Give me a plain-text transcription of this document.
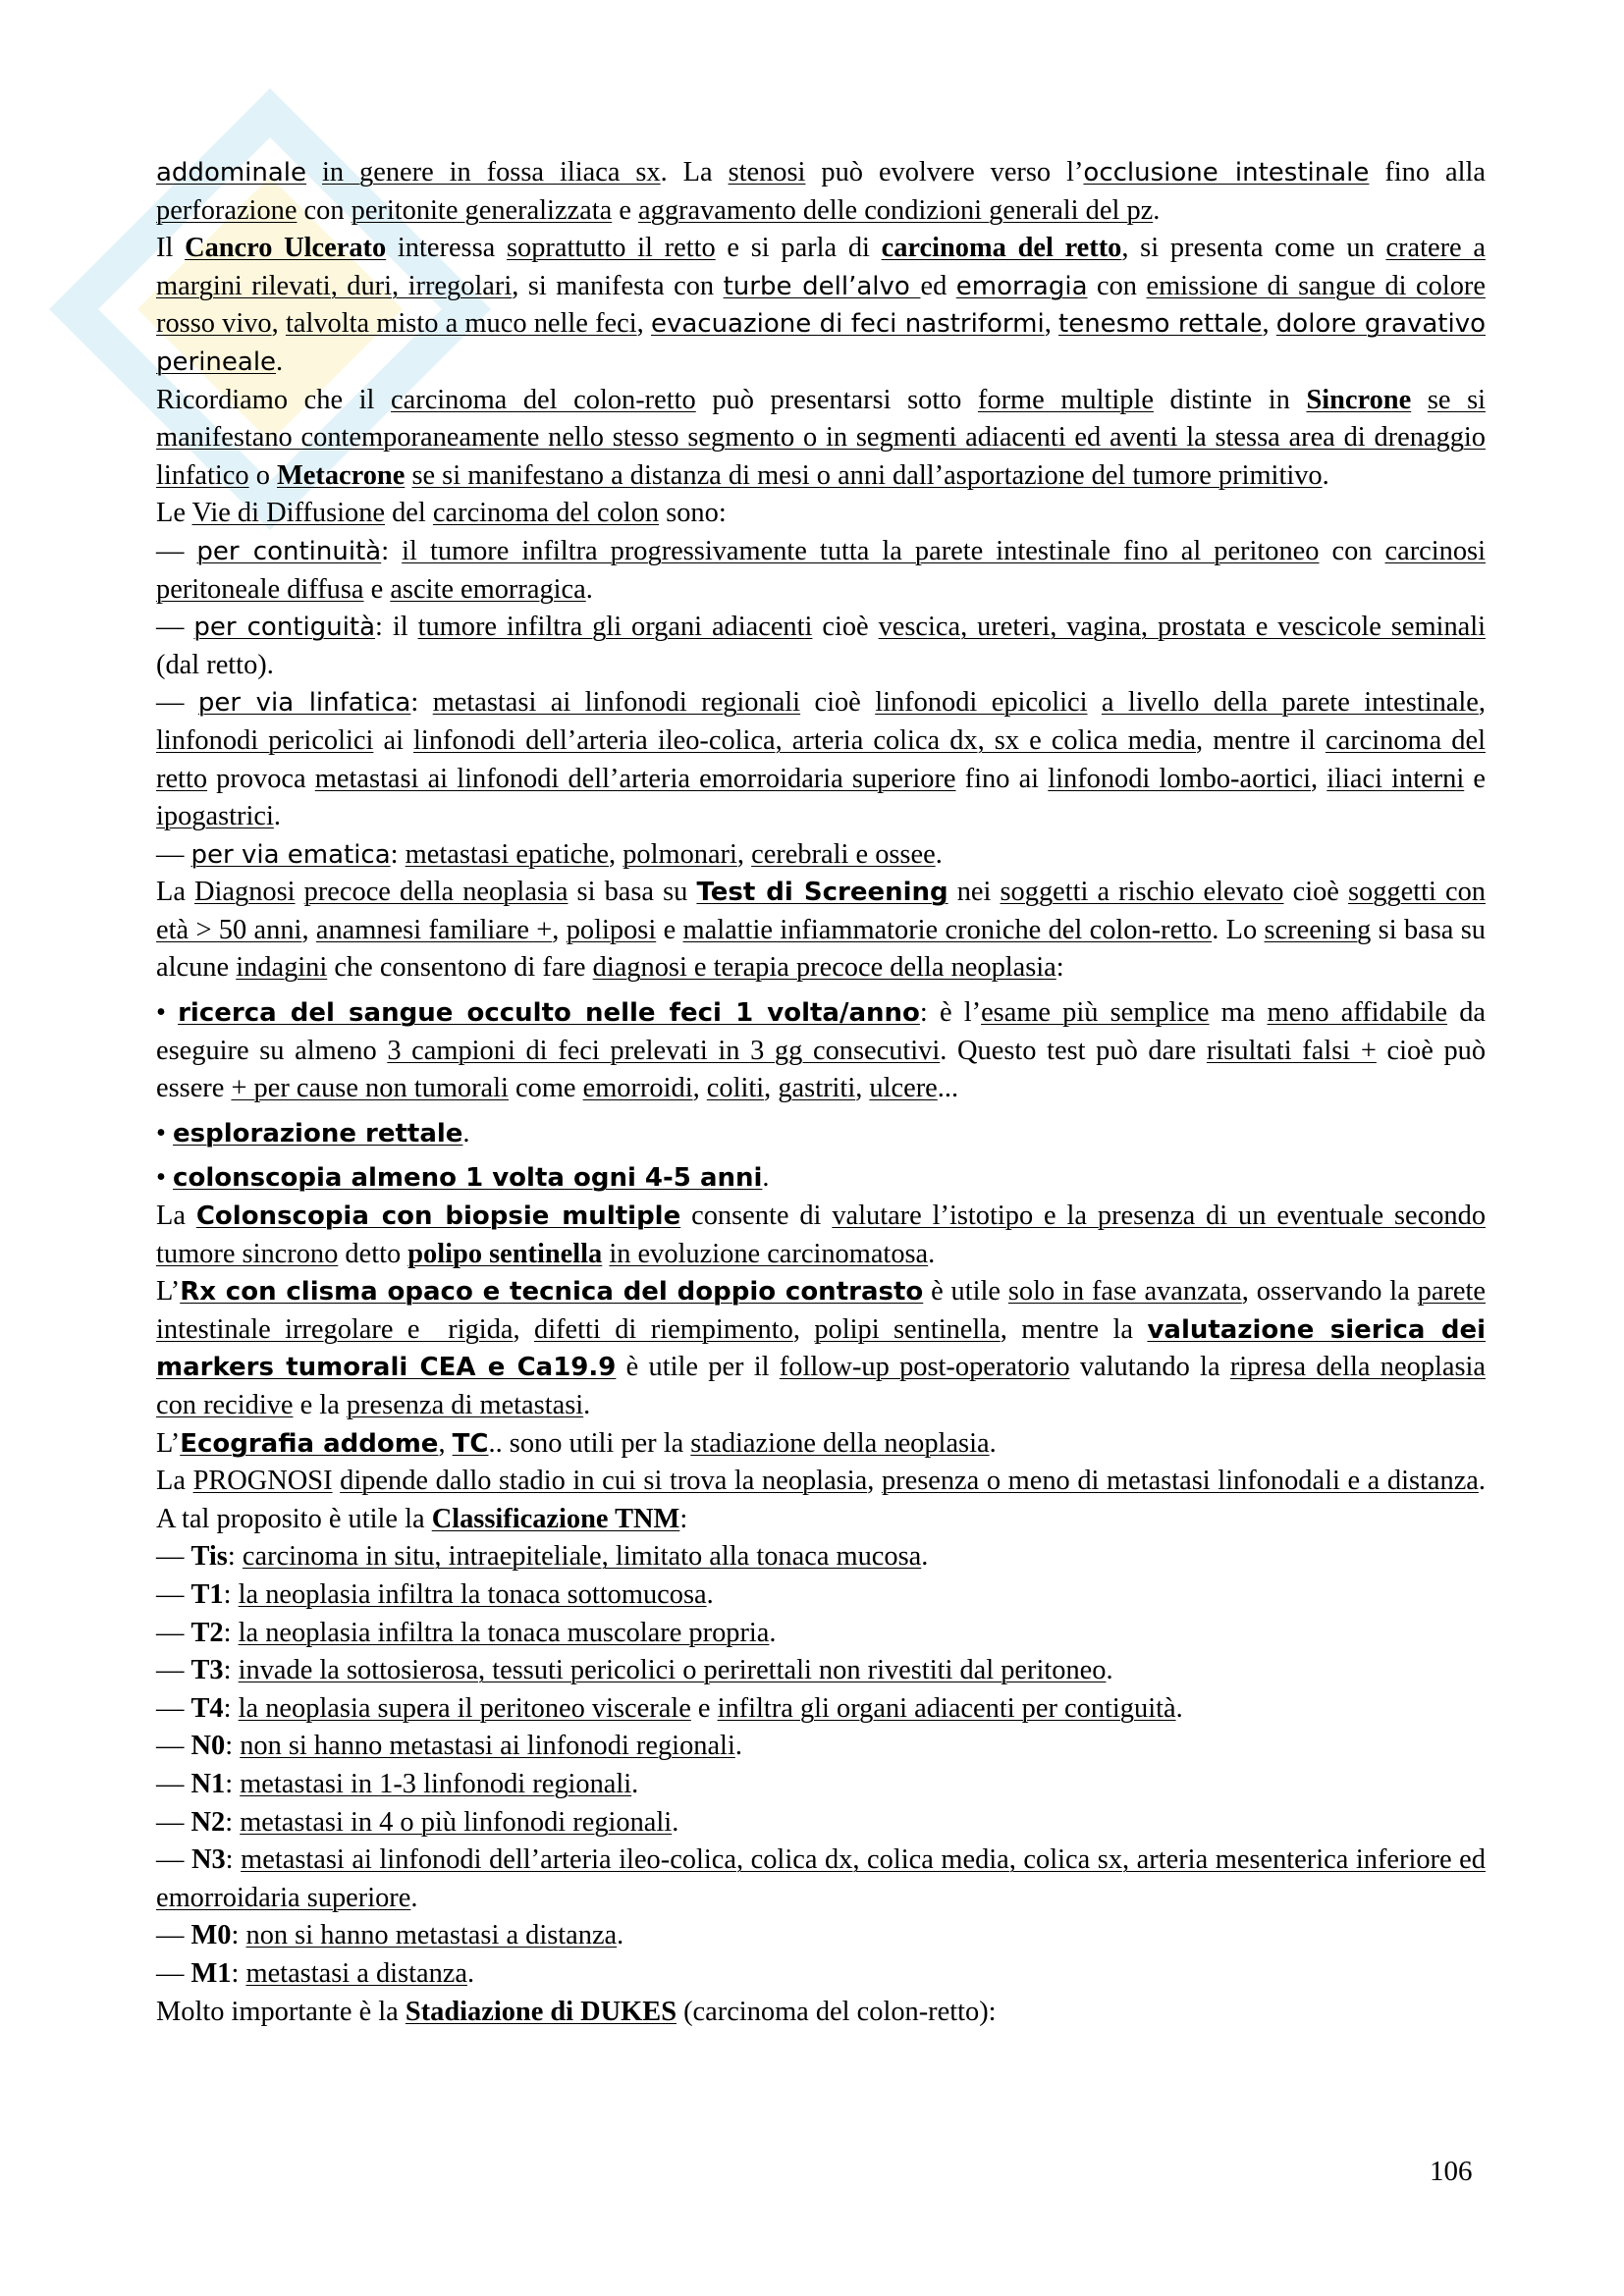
addominale in genere in fossa iliaca sx. La stenosi può evolvere verso l’occlusione intestinale fino alla perforazione con peritonite generalizzata e aggravamento delle condizioni generali del pz.

Il Cancro Ulcerato interessa soprattutto il retto e si parla di carcinoma del retto, si presenta come un cratere a margini rilevati, duri, irregolari, si manifesta con turbe dell’alvo ed emorragia con emissione di sangue di colore rosso vivo, talvolta misto a muco nelle feci, evacuazione di feci nastriformi, tenesmo rettale, dolore gravativo perineale.

Ricordiamo che il carcinoma del colon-retto può presentarsi sotto forme multiple distinte in Sincrone se si manifestano contemporaneamente nello stesso segmento o in segmenti adiacenti ed aventi la stessa area di drenaggio linfatico o Metacrone se si manifestano a distanza di mesi o anni dall’asportazione del tumore primitivo.

Le Vie di Diffusione del carcinoma del colon sono:

— per continuità: il tumore infiltra progressivamente tutta la parete intestinale fino al peritoneo con carcinosi peritoneale diffusa e ascite emorragica.

— per contiguità: il tumore infiltra gli organi adiacenti cioè vescica, ureteri, vagina, prostata e vescicole seminali (dal retto).

— per via linfatica: metastasi ai linfonodi regionali cioè linfonodi epicolici a livello della parete intestinale, linfonodi pericolici ai linfonodi dell’arteria ileo-colica, arteria colica dx, sx e colica media, mentre il carcinoma del retto provoca metastasi ai linfonodi dell’arteria emorroidaria superiore fino ai linfonodi lombo-aortici, iliaci interni e ipogastrici.

— per via ematica: metastasi epatiche, polmonari, cerebrali e ossee.

La Diagnosi precoce della neoplasia si basa su Test di Screening nei soggetti a rischio elevato cioè soggetti con età > 50 anni, anamnesi familiare +, poliposi e malattie infiammatorie croniche del colon-retto. Lo screening si basa su alcune indagini che consentono di fare diagnosi e terapia precoce della neoplasia:

• ricerca del sangue occulto nelle feci 1 volta/anno: è l’esame più semplice ma meno affidabile da eseguire su almeno 3 campioni di feci prelevati in 3 gg consecutivi. Questo test può dare risultati falsi + cioè può essere + per cause non tumorali come emorroidi, coliti, gastriti, ulcere...

• esplorazione rettale.

• colonscopia almeno 1 volta ogni 4-5 anni.

La Colonscopia con biopsie multiple consente di valutare l’istotipo e la presenza di un eventuale secondo tumore sincrono detto polipo sentinella in evoluzione carcinomatosa.

L’Rx con clisma opaco e tecnica del doppio contrasto è utile solo in fase avanzata, osservando la parete intestinale irregolare e  rigida, difetti di riempimento, polipi sentinella, mentre la valutazione sierica dei markers tumorali CEA e Ca19.9 è utile per il follow-up post-operatorio valutando la ripresa della neoplasia con recidive e la presenza di metastasi.

L’Ecografia addome, TC.. sono utili per la stadiazione della neoplasia.

La PROGNOSI dipende dallo stadio in cui si trova la neoplasia, presenza o meno di metastasi linfonodali e a distanza. A tal proposito è utile la Classificazione TNM:

— Tis: carcinoma in situ, intraepiteliale, limitato alla tonaca mucosa.

— T1: la neoplasia infiltra la tonaca sottomucosa.

— T2: la neoplasia infiltra la tonaca muscolare propria.

— T3: invade la sottosierosa, tessuti pericolici o perirettali non rivestiti dal peritoneo.

— T4: la neoplasia supera il peritoneo viscerale e infiltra gli organi adiacenti per contiguità.

— N0: non si hanno metastasi ai linfonodi regionali.

— N1: metastasi in 1-3 linfonodi regionali.

— N2: metastasi in 4 o più linfonodi regionali.

— N3: metastasi ai linfonodi dell’arteria ileo-colica, colica dx, colica media, colica sx, arteria mesenterica inferiore ed emorroidaria superiore.

— M0: non si hanno metastasi a distanza.

— M1: metastasi a distanza.

Molto importante è la Stadiazione di DUKES (carcinoma del colon-retto):

106
